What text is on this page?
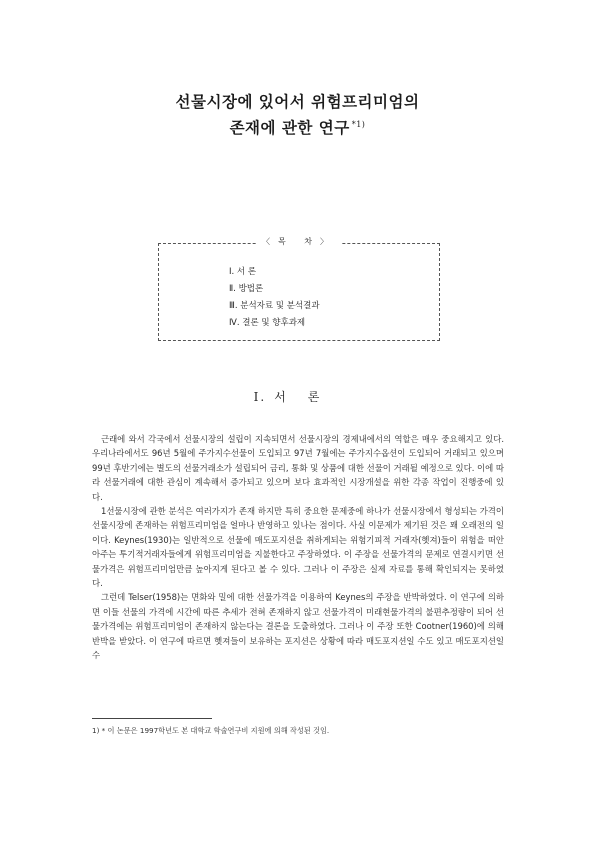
선물시장에 있어서 위험프리미엄의
존재에 관한 연구 $^{*1)}$
〈목 차〉
Ⅰ. 서 론
Ⅱ. 방법론
Ⅲ. 분석자료 및 분석결과
Ⅳ. 결론 및 향후과제
Ⅰ. 서론

근래에 와서 각국에서 선물시장의 설립이 지속되면서 선물시장의 경제내에서의 역할은 매우 중요해지고 있다. 우리나라에서도 96년 5월에 주가지수선물이 도입되고 97년 7월에는 주가지수옵션이 도입되어 거래되고 있으며 99년 후반기에는 별도의 선물거래소가 설립되어 금리, 통화 및 상품에 대한 선물이 거래될 예정으로 있다. 이에 따라 선물거래에 대한 관심이 계속해서 증가되고 있으며 보다 효과적인 시장개설을 위한 각종 작업이 진행중에 있다.

1선물시장에 관한 분석은 여러가지가 존재 하지만 특히 중요한 문제중에 하나가 선물시장에서 형성되는 가격이 선물시장에 존재하는 위험프리미엄을 얼마나 반영하고 있나는 점이다. 사실 이문제가 제기된 것은 꽤 오래전의 일이다. Keynes(1930)는 일반적으로 선물에 매도포지션을 취하게되는 위험기피적 거래자(헷져)들이 위험을 떠안아주는 투기적거래자들에게 위험프리미엄을 지불한다고 주장하였다. 이 주장을 선물가격의 문제로 연결시키면 선물가격은 위험프리미엄만큼 높아지게 된다고 볼 수 있다. 그러나 이 주장은 실제 자료를 통해 확인되지는 못하였다.

그런데 Telser(1958)는 면화와 밀에 대한 선물가격을 이용하여 Keynes의 주장을 반박하였다. 이 연구에 의하면 이들 선물의 가격에 시간에 따른 추세가 전혀 존재하지 않고 선물가격이 미래현물가격의 불편추정량이 되어 선물가격에는 위험프리미엄이 존재하지 않는다는 결론을 도출하였다. 그러나 이 주장 또한 Cootner(1960)에 의해 반박을 받았다. 이 연구에 따르면 헷져들이 보유하는 포지션은 상황에 따라 매도포지션일 수도 있고 매도포지션일 수

1) * 이 논문은 1997학년도 본 대학교 학술연구비 지원에 의해 작성된 것임.
